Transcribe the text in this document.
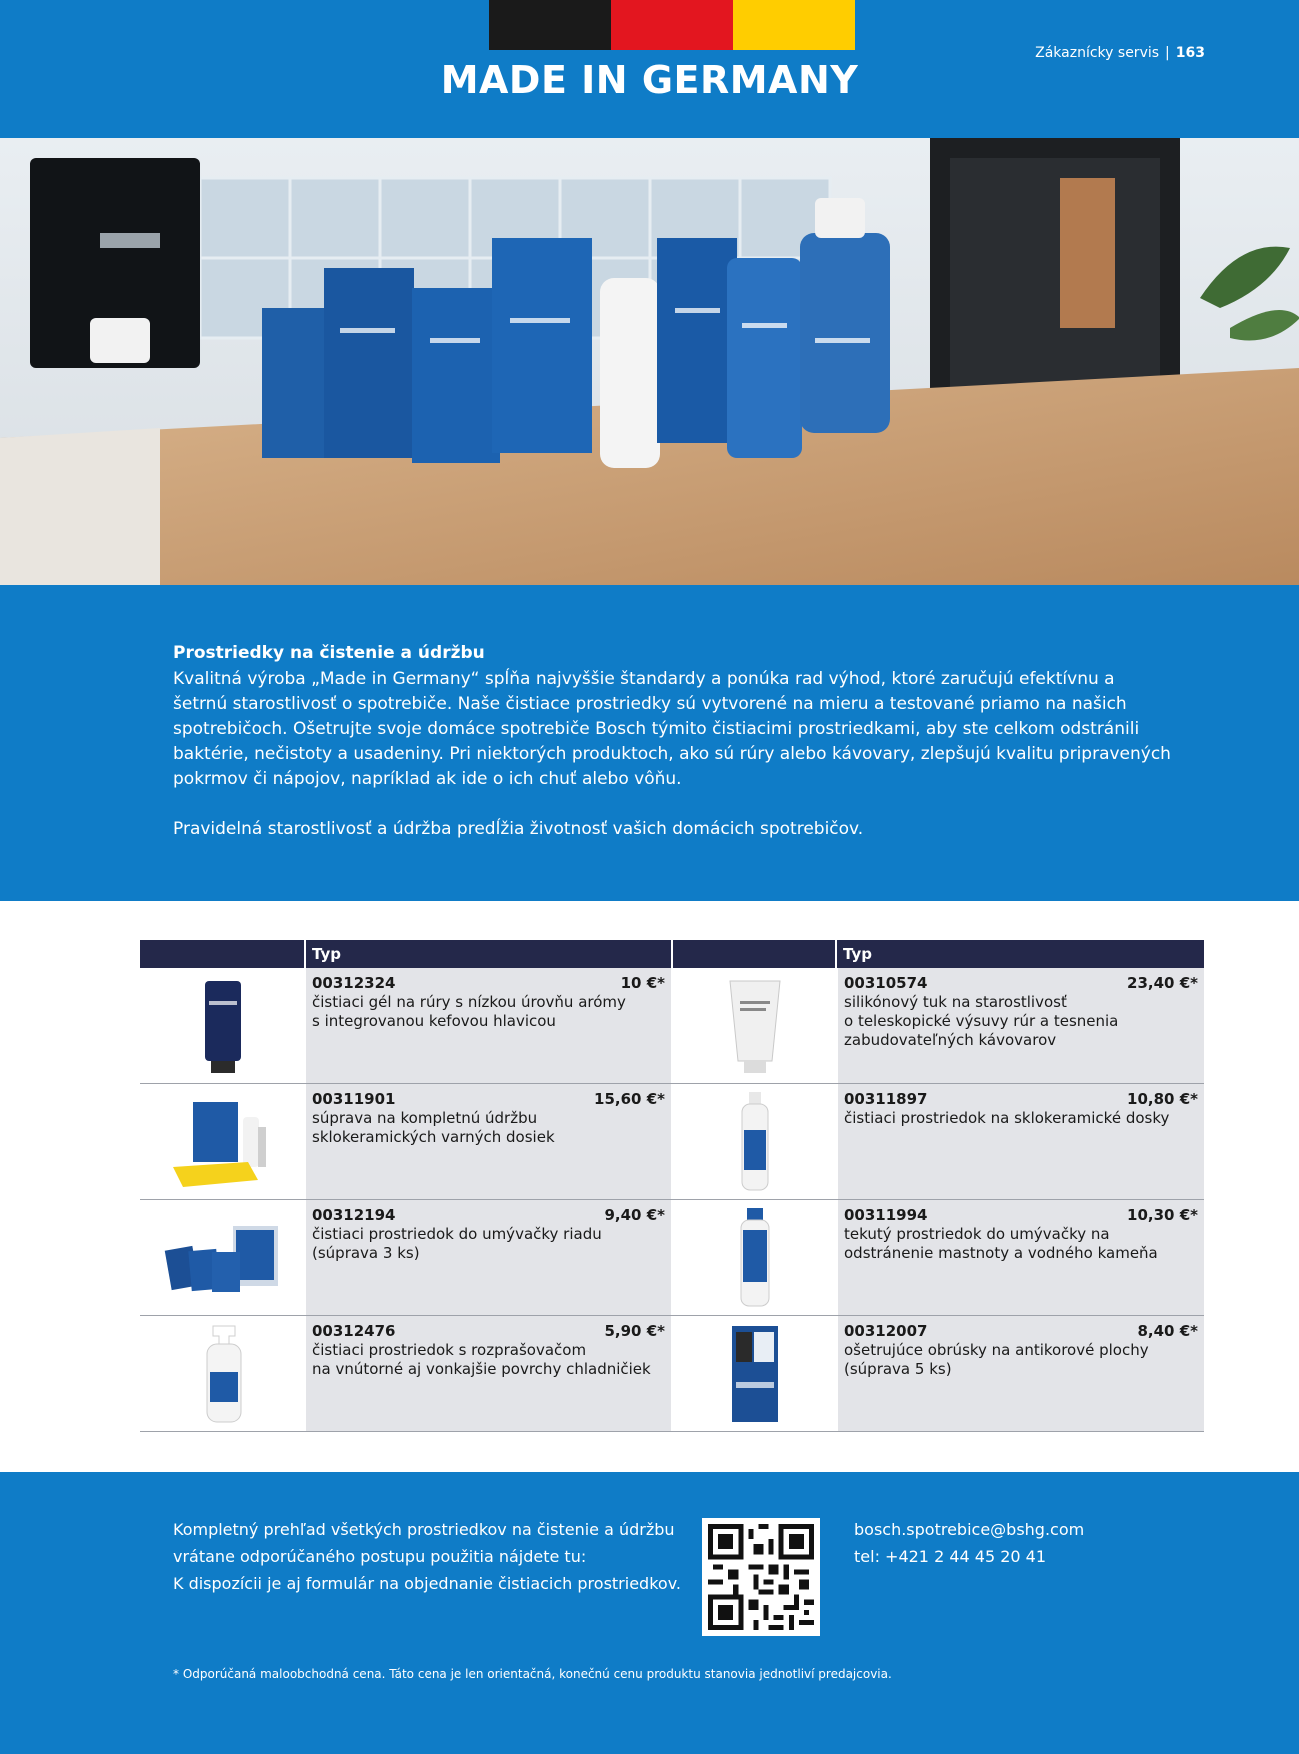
MADE IN GERMANY
Zákaznícky servis | 163
Prostriedky na čistenie a údržbu
Kvalitná výroba „Made in Germany“ spĺňa najvyššie štandardy a ponúka rad výhod, ktoré zaručujú efektívnu a šetrnú starostlivosť o spotrebiče. Naše čistiace prostriedky sú vytvorené na mieru a testované priamo na našich spotrebičoch. Ošetrujte svoje domáce spotrebiče Bosch týmito čistiacimi prostriedkami, aby ste celkom odstránili baktérie, nečistoty a usadeniny. Pri niektorých produktoch, ako sú rúry alebo kávovary, zlepšujú kvalitu pripravených pokrmov či nápojov, napríklad ak ide o ich chuť alebo vôňu.
Pravidelná starostlivosť a údržba predĺžia životnosť vašich domácich spotrebičov.
Typ	Typ
00312324	10 €*
čistiaci gél na rúry s nízkou úrovňu arómy
s integrovanou kefovou hlavicou
00310574	23,40 €*
silikónový tuk na starostlivosť
o teleskopické výsuvy rúr a tesnenia
zabudovateľných kávovarov
00311901	15,60 €*
súprava na kompletnú údržbu
sklokeramických varných dosiek
00311897	10,80 €*
čistiaci prostriedok na sklokeramické dosky
00312194	9,40 €*
čistiaci prostriedok do umývačky riadu
(súprava 3 ks)
00311994	10,30 €*
tekutý prostriedok do umývačky na
odstránenie mastnoty a vodného kameňa
00312476	5,90 €*
čistiaci prostriedok s rozprašovačom
na vnútorné aj vonkajšie povrchy chladničiek
00312007	8,40 €*
ošetrujúce obrúsky na antikorové plochy
(súprava 5 ks)
Kompletný prehľad všetkých prostriedkov na čistenie a údržbu vrátane odporúčaného postupu použitia nájdete tu:
K dispozícii je aj formulár na objednanie čistiacich prostriedkov.
bosch.spotrebice@bshg.com
tel: +421 2 44 45 20 41
* Odporúčaná maloobchodná cena. Táto cena je len orientačná, konečnú cenu produktu stanovia jednotliví predajcovia.
